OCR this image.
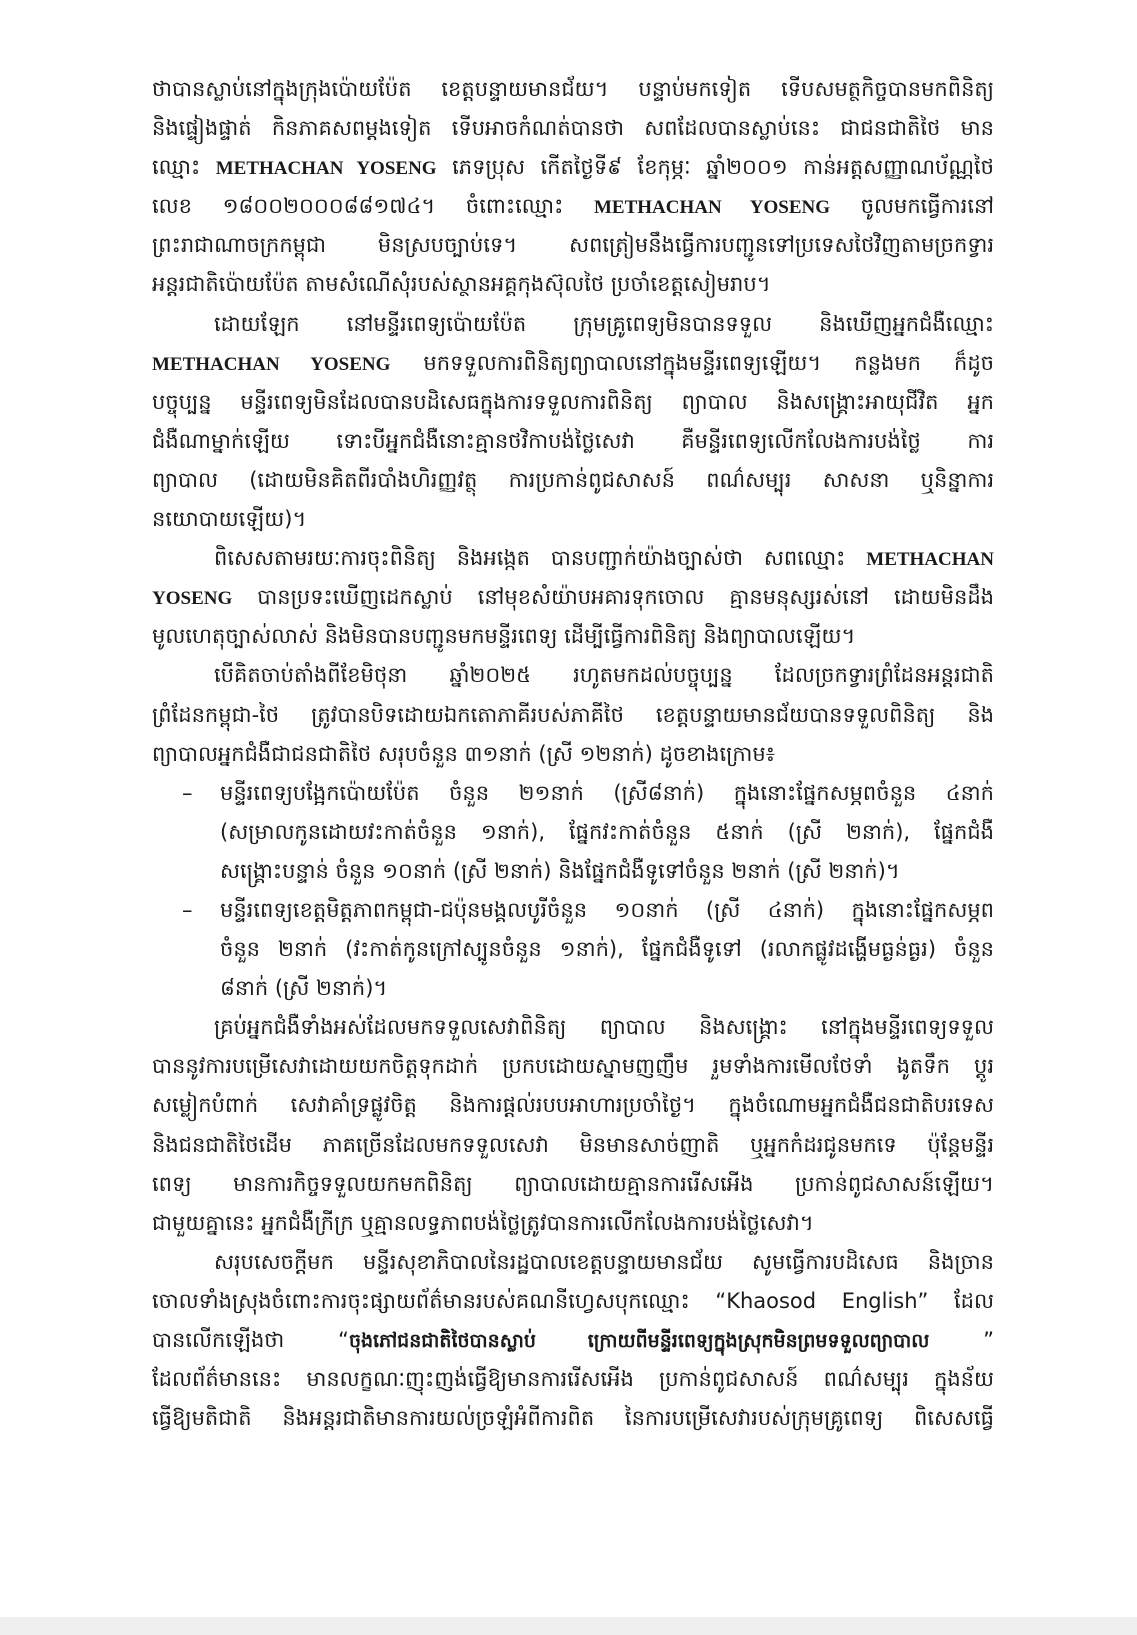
ថាបានស្លាប់នៅក្នុងក្រុងប៉ោយប៉ែត ខេត្តបន្ទាយមានជ័យ។ បន្ទាប់មកទៀត ទើបសមត្ថកិច្ចបានមកពិនិត្យ
និងផ្ទៀងផ្ទាត់ កិនភាគសពម្តងទៀត ទើបអាចកំណត់បានថា សពដែលបានស្លាប់នេះ ជាជនជាតិថៃ មាន
ឈ្មោះ METHACHAN YOSENG ភេទប្រុស កើតថ្ងៃទី៩ ខែកុម្ភៈ ឆ្នាំ២០០១ កាន់អត្តសញ្ញាណប័ណ្ណថៃ
លេខ ១៨០០២០០០៨៨១៧៤។ ចំពោះឈ្មោះ METHACHAN YOSENG ចូលមកធ្វើការនៅ
ព្រះរាជាណាចក្រកម្ពុជា មិនស្របច្បាប់ទេ។ សពត្រៀមនឹងធ្វើការបញ្ជូនទៅប្រទេសថៃវិញតាមច្រកទ្វារ
អន្តរជាតិប៉ោយប៉ែត តាមសំណើសុំរបស់ស្ថានអគ្គកុងស៊ុលថៃ ប្រចាំខេត្តសៀមរាប។
ដោយឡែក នៅមន្ទីរពេទ្យប៉ោយប៉ែត ក្រុមគ្រូពេទ្យមិនបានទទួល និងឃើញអ្នកជំងឺឈ្មោះ
METHACHAN YOSENG មកទទួលការពិនិត្យព្យាបាលនៅក្នុងមន្ទីរពេទ្យឡើយ។ កន្លងមក ក៏ដូច
បច្ចុប្បន្ន មន្ទីរពេទ្យមិនដែលបានបដិសេធក្នុងការទទួលការពិនិត្យ ព្យាបាល និងសង្គ្រោះអាយុជីវិត អ្នក
ជំងឺណាម្នាក់ឡើយ ទោះបីអ្នកជំងឺនោះគ្មានថវិកាបង់ថ្លៃសេវា គឺមន្ទីរពេទ្យលើកលែងការបង់ថ្លៃ ការ
ព្យាបាល (ដោយមិនគិតពីរបាំងហិរញ្ញវត្ថុ ការប្រកាន់ពូជសាសន៍ ពណ៌សម្បុរ សាសនា ឬនិន្នាការ
នយោបាយឡើយ)។
ពិសេសតាមរយៈការចុះពិនិត្យ និងអង្កេត បានបញ្ជាក់យ៉ាងច្បាស់ថា សពឈ្មោះ METHACHAN
YOSENG បានប្រទះឃើញដេកស្លាប់ នៅមុខសំយ៉ាបអគារទុកចោល គ្មានមនុស្សរស់នៅ ដោយមិនដឹង
មូលហេតុច្បាស់លាស់ និងមិនបានបញ្ជូនមកមន្ទីរពេទ្យ ដើម្បីធ្វើការពិនិត្យ និងព្យាបាលឡើយ។
បើគិតចាប់តាំងពីខែមិថុនា ឆ្នាំ២០២៥ រហូតមកដល់បច្ចុប្បន្ន ដែលច្រកទ្វារព្រំដែនអន្តរជាតិ
ព្រំដែនកម្ពុជា-ថៃ ត្រូវបានបិទដោយឯកតោភាគីរបស់ភាគីថៃ ខេត្តបន្ទាយមានជ័យបានទទួលពិនិត្យ និង
ព្យាបាលអ្នកជំងឺជាជនជាតិថៃ សរុបចំនួន ៣១នាក់ (ស្រី ១២នាក់) ដូចខាងក្រោម៖
– មន្ទីរពេទ្យបង្អែកប៉ោយប៉ែត ចំនួន ២១នាក់ (ស្រី៨នាក់) ក្នុងនោះផ្នែកសម្ភពចំនួន ៤នាក់
(សម្រាលកូនដោយវះកាត់ចំនួន ១នាក់), ផ្នែកវះកាត់ចំនួន ៥នាក់ (ស្រី ២នាក់), ផ្នែកជំងឺ
សង្គ្រោះបន្ទាន់ ចំនួន ១០នាក់ (ស្រី ២នាក់) និងផ្នែកជំងឺទូទៅចំនួន ២នាក់ (ស្រី ២នាក់)។
– មន្ទីរពេទ្យខេត្តមិត្តភាពកម្ពុជា-ជប៉ុនមង្គលបូរីចំនួន ១០នាក់ (ស្រី ៤នាក់) ក្នុងនោះផ្នែកសម្ភព
ចំនួន ២នាក់ (វះកាត់កូនក្រៅស្បូនចំនួន ១នាក់), ផ្នែកជំងឺទូទៅ (រលាកផ្លូវដង្ហើមធ្ងន់ធ្ងរ) ចំនួន
៨នាក់ (ស្រី ២នាក់)។
គ្រប់អ្នកជំងឺទាំងអស់ដែលមកទទួលសេវាពិនិត្យ ព្យាបាល និងសង្គ្រោះ នៅក្នុងមន្ទីរពេទ្យទទួល
បាននូវការបម្រើសេវាដោយយកចិត្តទុកដាក់ ប្រកបដោយស្នាមញញឹម រួមទាំងការមើលថែទាំ ងូតទឹក ប្តូរ
សម្លៀកបំពាក់ សេវាគាំទ្រផ្លូវចិត្ត និងការផ្តល់របបអាហារប្រចាំថ្ងៃ។ ក្នុងចំណោមអ្នកជំងឺជនជាតិបរទេស
និងជនជាតិថៃដើម ភាគច្រើនដែលមកទទួលសេវា មិនមានសាច់ញាតិ ឬអ្នកកំដរជូនមកទេ ប៉ុន្តែមន្ទីរ
ពេទ្យ មានការកិច្ចទទួលយកមកពិនិត្យ ព្យាបាលដោយគ្មានការរើសអើង ប្រកាន់ពូជសាសន៍ឡើយ។
ជាមួយគ្នានេះ អ្នកជំងឺក្រីក្រ ឬគ្មានលទ្ធភាពបង់ថ្លៃត្រូវបានការលើកលែងការបង់ថ្លៃសេវា។
សរុបសេចក្តីមក មន្ទីរសុខាភិបាលនៃរដ្ឋបាលខេត្តបន្ទាយមានជ័យ សូមធ្វើការបដិសេធ និងច្រាន
ចោលទាំងស្រុងចំពោះការចុះផ្សាយព័ត៌មានរបស់គណនីហ្វេសបុកឈ្មោះ “Khaosod English” ដែល
បានលើកឡើងថា “ចុងភៅជនជាតិថៃបានស្លាប់ ក្រោយពីមន្ទីរពេទ្យក្នុងស្រុកមិនព្រមទទួលព្យាបាល ”
ដែលព័ត៌មាននេះ មានលក្ខណៈញុះញង់ធ្វើឱ្យមានការរើសអើង ប្រកាន់ពូជសាសន៍ ពណ៌សម្បុរ ក្នុងន័យ
ធ្វើឱ្យមតិជាតិ និងអន្តរជាតិមានការយល់ច្រឡំអំពីការពិត នៃការបម្រើសេវារបស់ក្រុមគ្រូពេទ្យ ពិសេសធ្វើ
